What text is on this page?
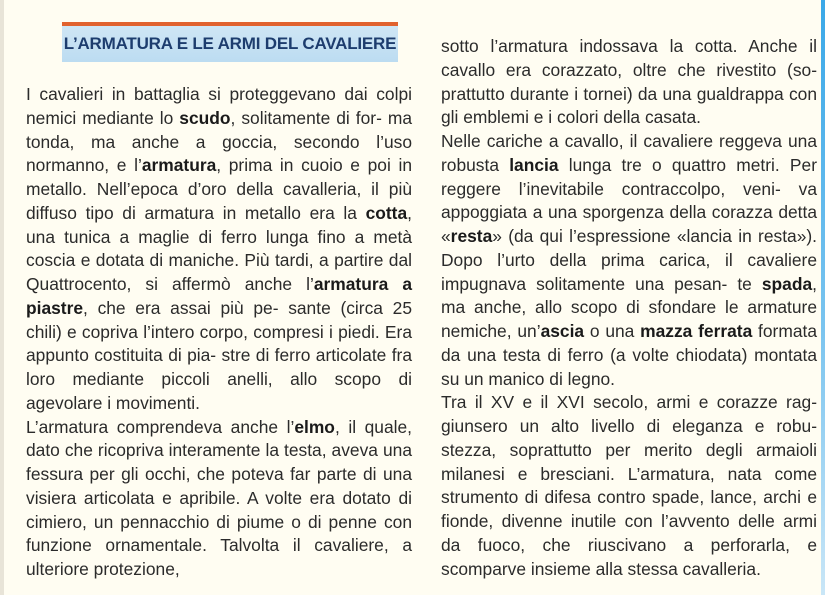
L’ARMATURA E LE ARMI DEL CAVALIERE

I cavalieri in battaglia si proteggevano dai colpi nemici mediante lo scudo, solitamente di for- ma tonda, ma anche a goccia, secondo l’uso normanno, e l’armatura, prima in cuoio e poi in metallo. Nell’epoca d’oro della cavalleria, il più diffuso tipo di armatura in metallo era la cotta, una tunica a maglie di ferro lunga fino a metà coscia e dotata di maniche. Più tardi, a partire dal Quattrocento, si affermò anche l’armatura a piastre, che era assai più pe- sante (circa 25 chili) e copriva l’intero corpo, compresi i piedi. Era appunto costituita di pia- stre di ferro articolate fra loro mediante piccoli anelli, allo scopo di agevolare i movimenti.

L’armatura comprendeva anche l’elmo, il quale, dato che ricopriva interamente la testa, aveva una fessura per gli occhi, che poteva far parte di una visiera articolata e apribile. A volte era dotato di cimiero, un pennacchio di piume o di penne con funzione ornamentale. Talvolta il cavaliere, a ulteriore protezione,

sotto l’armatura indossava la cotta. Anche il cavallo era corazzato, oltre che rivestito (so- prattutto durante i tornei) da una gualdrappa con gli emblemi e i colori della casata.

Nelle cariche a cavallo, il cavaliere reggeva una robusta lancia lunga tre o quattro metri. Per reggere l’inevitabile contraccolpo, veni- va appoggiata a una sporgenza della corazza detta «resta» (da qui l’espressione «lancia in resta»). Dopo l’urto della prima carica, il cavaliere impugnava solitamente una pesan- te spada, ma anche, allo scopo di sfondare le armature nemiche, un’ascia o una mazza ferrata formata da una testa di ferro (a volte chiodata) montata su un manico di legno.

Tra il XV e il XVI secolo, armi e corazze rag- giunsero un alto livello di eleganza e robu- stezza, soprattutto per merito degli armaioli milanesi e bresciani. L’armatura, nata come strumento di difesa contro spade, lance, archi e fionde, divenne inutile con l’avvento delle armi da fuoco, che riuscivano a perforarla, e scomparve insieme alla stessa cavalleria.
